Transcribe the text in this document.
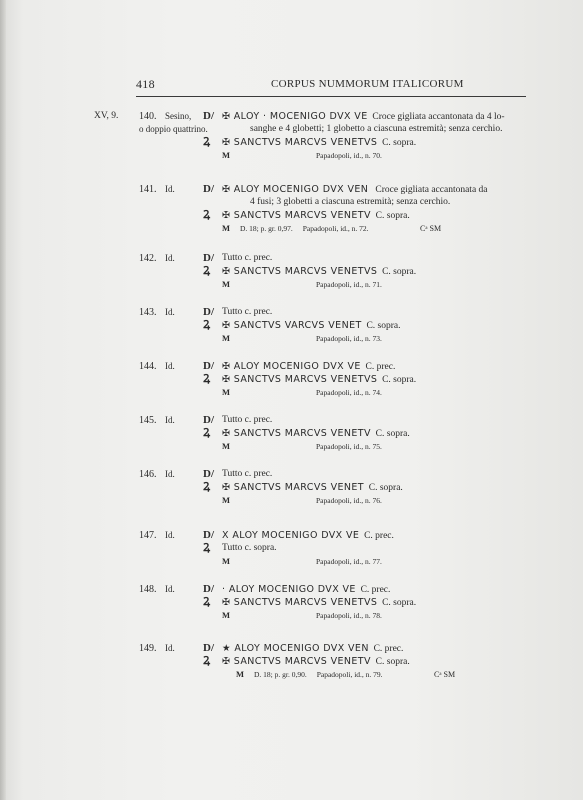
418	CORPUS NUMMORUM ITALICORUM
XV, 9. 140. Sesino, D/ ✠ ALOY · MOCENIGO DVX VE Croce gigliata accantonata da 4 lo-
o doppio quattrino.	sanghe e 4 globetti; 1 globetto a ciascuna estremità; senza cerchio.
Ꝝ ✠ SANCTVS MARCVS VENETVS C. sopra.
M	Papadopoli, id., n. 70.
141. Id.	D/ ✠ ALOY MOCENIGO DVX VEN Croce gigliata accantonata da
4 fusi; 3 globetti a ciascuna estremità; senza cerchio.
Ꝝ ✠ SANCTVS MARCVS VENETV C. sopra.
M D. 18; p. gr. 0,97. Papadopoli, id., n. 72.	Cᵃ SM
142. Id.	D/ Tutto c. prec.
Ꝝ ✠ SANCTVS MARCVS VENETVS C. sopra.
M	Papadopoli, id., n. 71.
143. Id.	D/ Tutto c. prec.
Ꝝ ✠ SANCTVS VARCVS VENET C. sopra.
M	Papadopoli, id., n. 73.
144. Id.	D/ ✠ ALOY MOCENIGO DVX VE C. prec.
Ꝝ ✠ SANCTVS MARCVS VENETVS C. sopra.
M	Papadopoli, id., n. 74.
145. Id.	D/ Tutto c. prec.
Ꝝ ✠ SANCTVS MARCVS VENETV C. sopra.
M	Papadopoli, id., n. 75.
146. Id.	D/ Tutto c. prec.
Ꝝ ✠ SANCTVS MARCVS VENET C. sopra.
M	Papadopoli, id., n. 76.
147. Id.	D/ X ALOY MOCENIGO DVX VE C. prec.
Ꝝ Tutto c. sopra.
M	Papadopoli, id., n. 77.
148. Id.	D/ · ALOY MOCENIGO DVX VE C. prec.
Ꝝ ✠ SANCTVS MARCVS VENETVS C. sopra.
M	Papadopoli, id., n. 78.
149. Id.	D/ ★ ALOY MOCENIGO DVX VEN C. prec.
Ꝝ ✠ SANCTVS MARCVS VENETV C. sopra.
M D. 18; p. gr. 0,90. Papadopoli, id., n. 79.	Cᵃ SM
